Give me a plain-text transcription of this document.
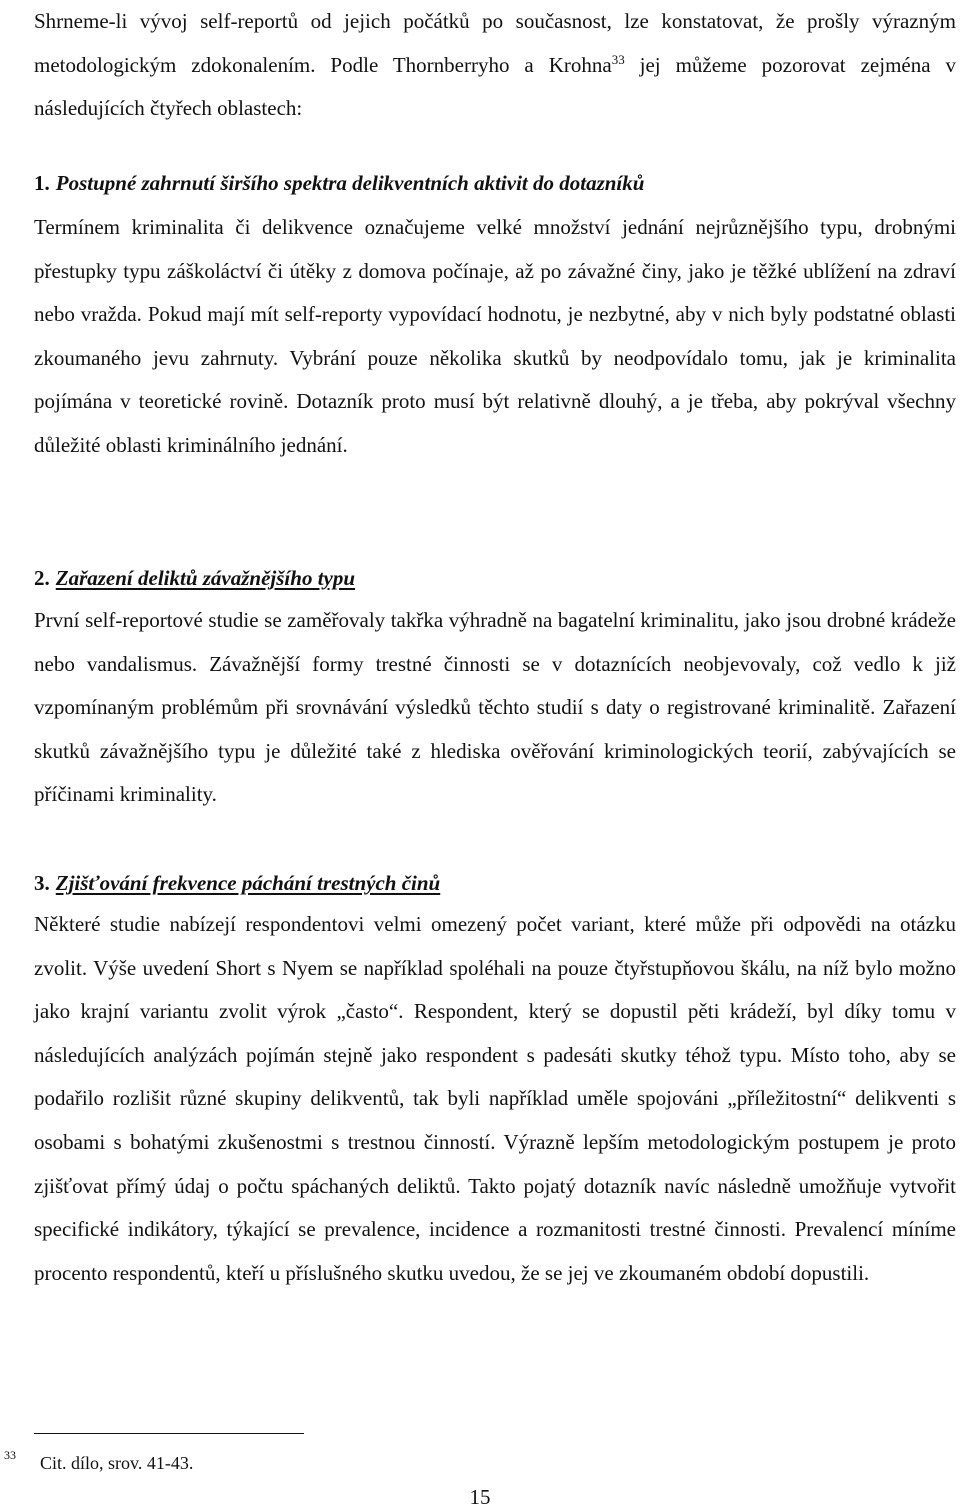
Shrneme-li vývoj self-reportů od jejich počátků po současnost, lze konstatovat, že prošly výrazným metodologickým zdokonalením. Podle Thornberryho a Krohna$^{33}$ jej můžeme pozorovat zejména v následujících čtyřech oblastech:

1. Postupné zahrnutí širšího spektra delikventních aktivit do dotazníků

Termínem kriminalita či delikvence označujeme velké množství jednání nejrůznějšího typu, drobnými přestupky typu záškoláctví či útěky z domova počínaje, až po závažné činy, jako je těžké ublížení na zdraví nebo vražda. Pokud mají mít self-reporty vypovídací hodnotu, je nezbytné, aby v nich byly podstatné oblasti zkoumaného jevu zahrnuty. Vybrání pouze několika skutků by neodpovídalo tomu, jak je kriminalita pojímána v teoretické rovině. Dotazník proto musí být relativně dlouhý, a je třeba, aby pokrýval všechny důležité oblasti kriminálního jednání.

2. Zařazení deliktů závažnějšího typu

První self-reportové studie se zaměřovaly takřka výhradně na bagatelní kriminalitu, jako jsou drobné krádeže nebo vandalismus. Závažnější formy trestné činnosti se v dotaznících neobjevovaly, což vedlo k již vzpomínaným problémům při srovnávání výsledků těchto studií s daty o registrované kriminalitě. Zařazení skutků závažnějšího typu je důležité také z hlediska ověřování kriminologických teorií, zabývajících se příčinami kriminality.

3. Zjišťování frekvence páchání trestných činů

Některé studie nabízejí respondentovi velmi omezený počet variant, které může při odpovědi na otázku zvolit. Výše uvedení Short s Nyem se například spoléhali na pouze čtyřstupňovou škálu, na níž bylo možno jako krajní variantu zvolit výrok „často“. Respondent, který se dopustil pěti krádeží, byl díky tomu v následujících analýzách pojímán stejně jako respondent s padesáti skutky téhož typu. Místo toho, aby se podařilo rozlišit různé skupiny delikventů, tak byli například uměle spojováni „příležitostní“ delikventi s osobami s bohatými zkušenostmi s trestnou činností. Výrazně lepším metodologickým postupem je proto zjišťovat přímý údaj o počtu spáchaných deliktů. Takto pojatý dotazník navíc následně umožňuje vytvořit specifické indikátory, týkající se prevalence, incidence a rozmanitosti trestné činnosti. Prevalencí míníme procento respondentů, kteří u příslušného skutku uvedou, že se jej ve zkoumaném období dopustili.

$^{33}$ Cit. dílo, srov. 41-43.
15
